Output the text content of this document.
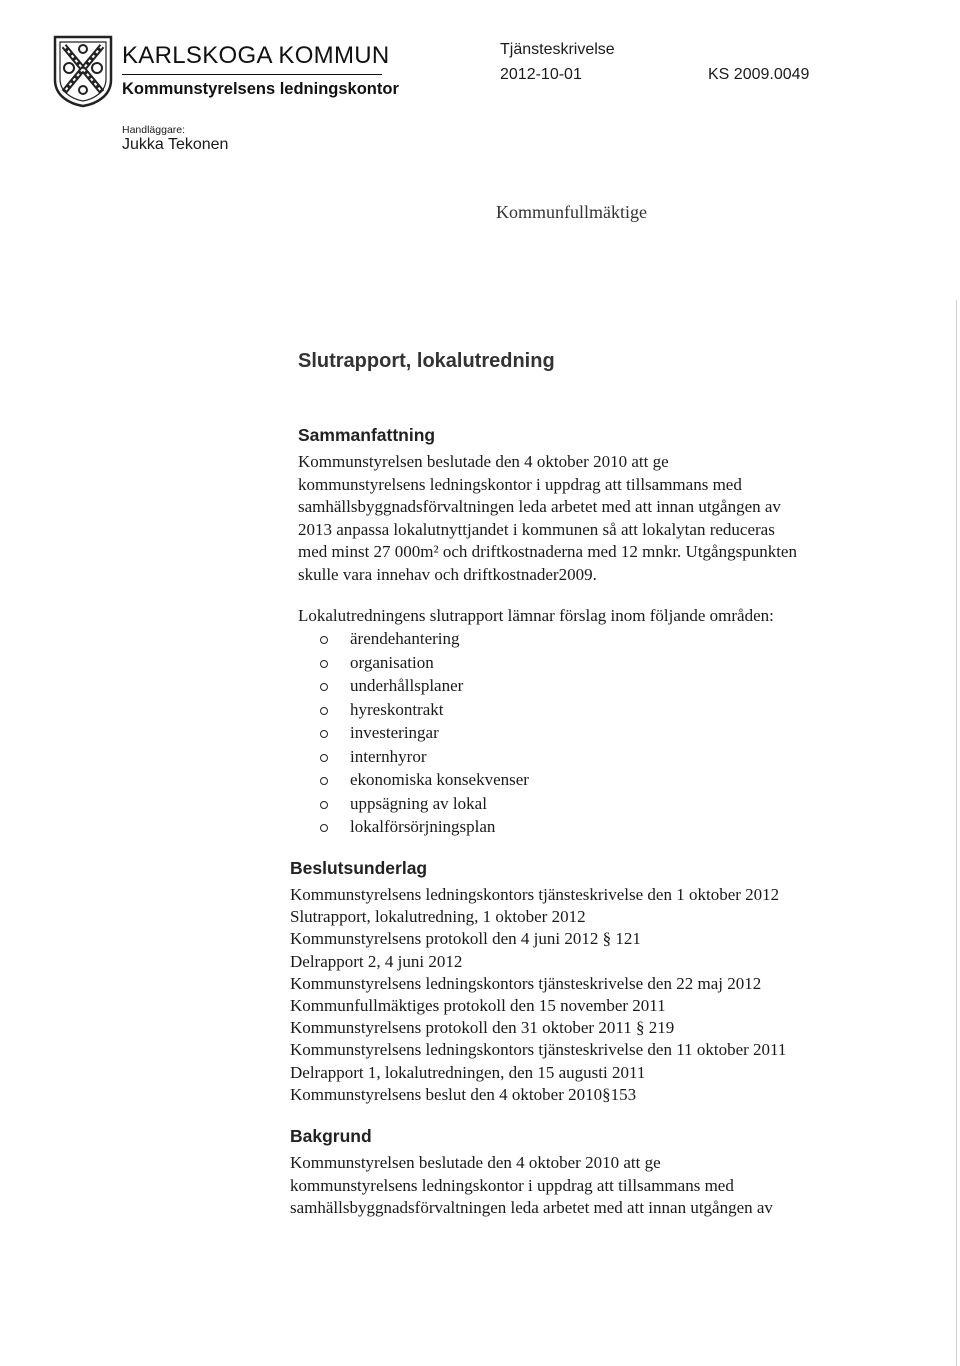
KARLSKOGA KOMMUN
Kommunstyrelsens ledningskontor
Tjänsteskrivelse
2012-10-01	KS 2009.0049
Handläggare:
Jukka Tekonen
Kommunfullmäktige
Slutrapport, lokalutredning
Sammanfattning

Kommunstyrelsen beslutade den 4 oktober 2010 att ge
kommunstyrelsens ledningskontor i uppdrag att tillsammans med
samhällsbyggnadsförvaltningen leda arbetet med att innan utgången av
2013 anpassa lokalutnyttjandet i kommunen så att lokalytan reduceras
med minst 27 000m² och driftkostnaderna med 12 mnkr. Utgångspunkten
skulle vara innehav och driftkostnader2009.

Lokalutredningens slutrapport lämnar förslag inom följande områden:

ärendehantering
organisation
underhållsplaner
hyreskontrakt
investeringar
internhyror
ekonomiska konsekvenser
uppsägning av lokal
lokalförsörjningsplan
Beslutsunderlag
Kommunstyrelsens ledningskontors tjänsteskrivelse den 1 oktober 2012
Slutrapport, lokalutredning, 1 oktober 2012
Kommunstyrelsens protokoll den 4 juni 2012 § 121
Delrapport 2, 4 juni 2012
Kommunstyrelsens ledningskontors tjänsteskrivelse den 22 maj 2012
Kommunfullmäktiges protokoll den 15 november 2011
Kommunstyrelsens protokoll den 31 oktober 2011 § 219
Kommunstyrelsens ledningskontors tjänsteskrivelse den 11 oktober 2011
Delrapport 1, lokalutredningen, den 15 augusti 2011
Kommunstyrelsens beslut den 4 oktober 2010§153
Bakgrund

Kommunstyrelsen beslutade den 4 oktober 2010 att ge
kommunstyrelsens ledningskontor i uppdrag att tillsammans med
samhällsbyggnadsförvaltningen leda arbetet med att innan utgången av
